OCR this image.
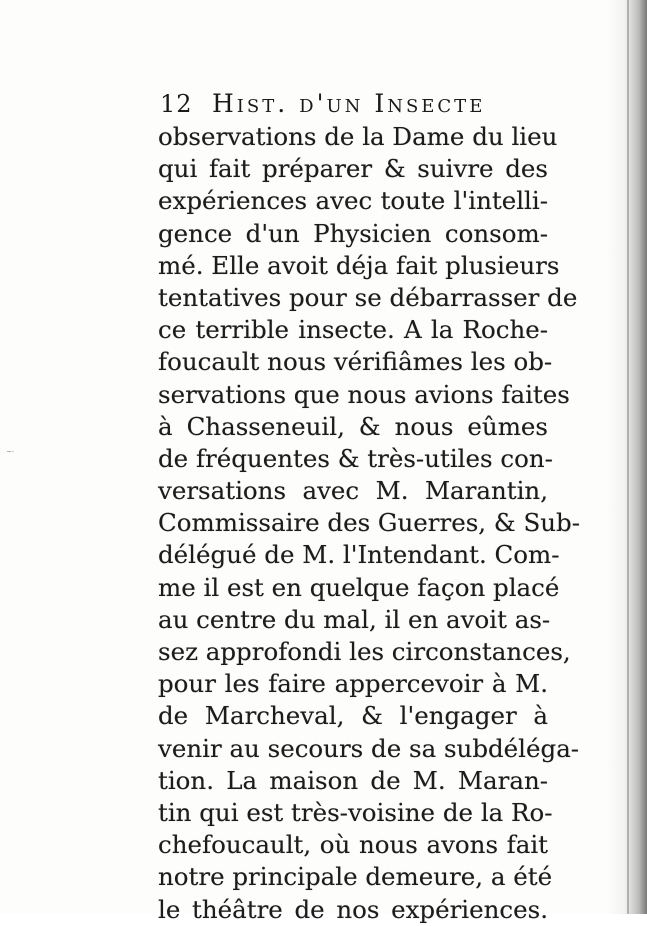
~·
12 Hist. d'un Insecte
observations de la Dame du lieu
qui fait préparer & suivre des
expériences avec toute l'intelli-
gence d'un Physicien consom-
mé. Elle avoit déja fait plusieurs
tentatives pour se débarrasser de
ce terrible insecte. A la Roche-
foucault nous vérifiâmes les ob-
servations que nous avions faites
à Chasseneuil, & nous eûmes
de fréquentes & très-utiles con-
versations avec M. Marantin,
Commissaire des Guerres, & Sub-
délégué de M. l'Intendant. Com-
me il est en quelque façon placé
au centre du mal, il en avoit as-
sez approfondi les circonstances,
pour les faire appercevoir à M.
de Marcheval, & l'engager à
venir au secours de sa subdéléga-
tion. La maison de M. Maran-
tin qui est très-voisine de la Ro-
chefoucault, où nous avons fait
notre principale demeure, a été
le théâtre de nos expériences.
